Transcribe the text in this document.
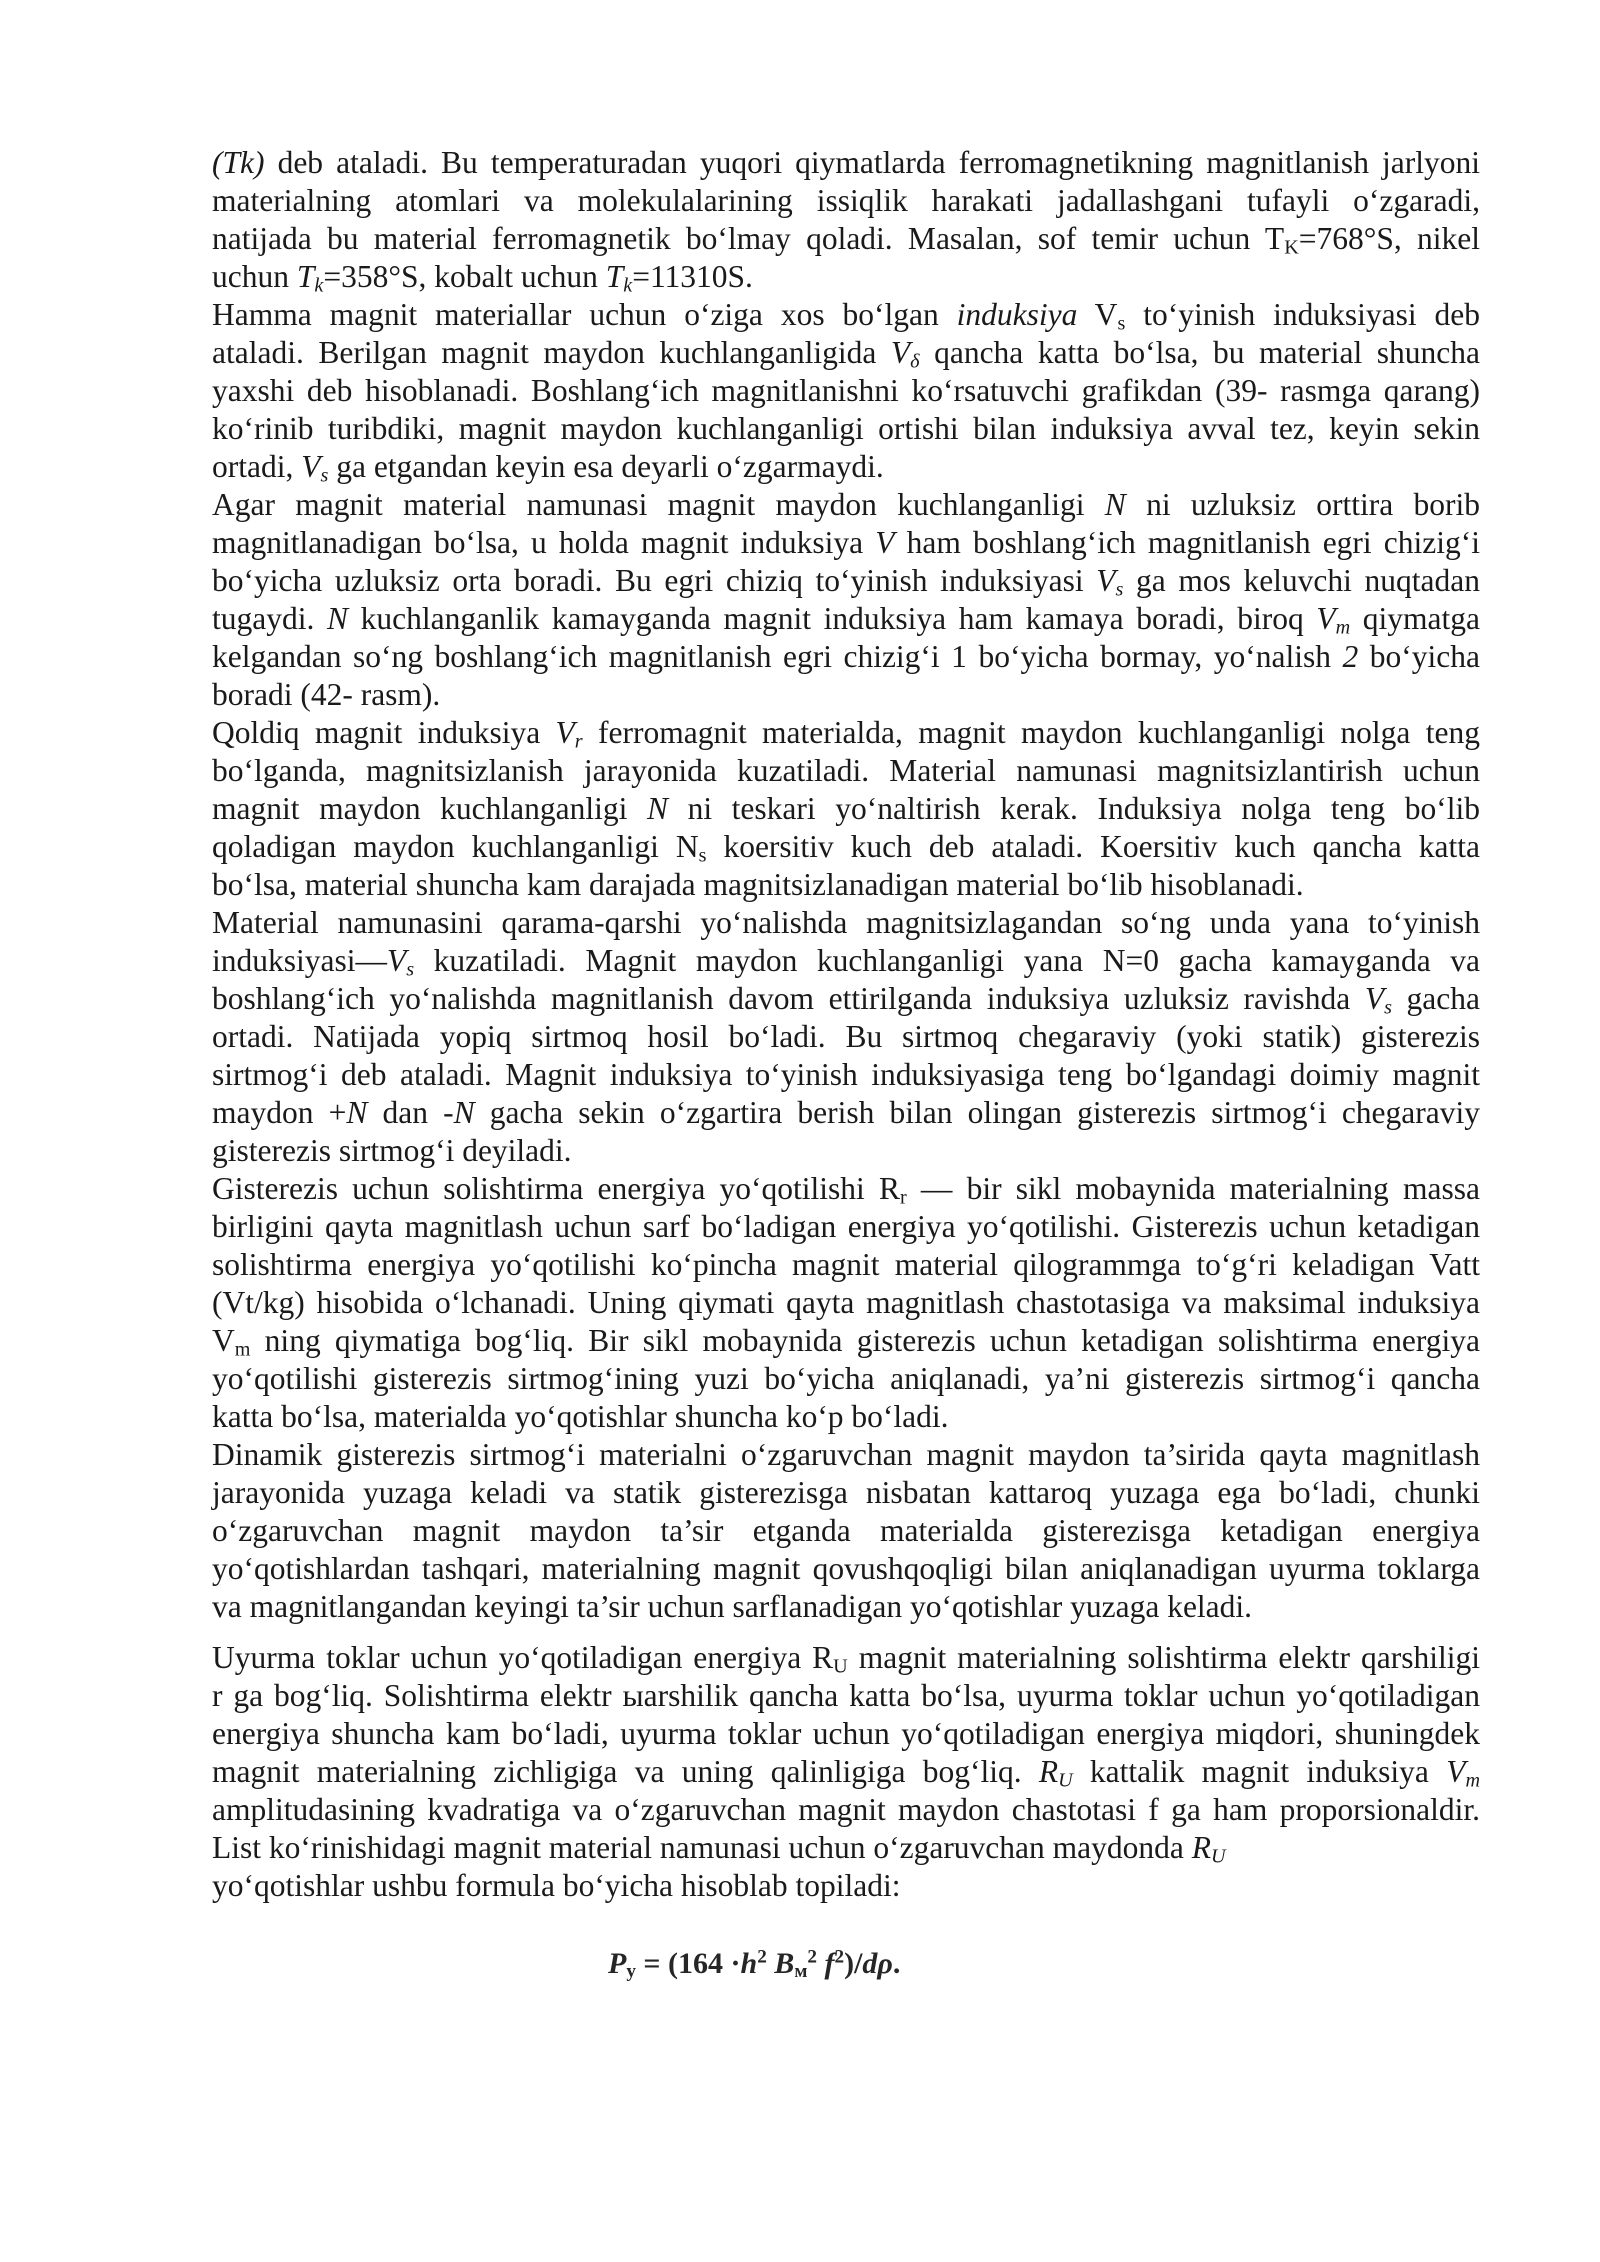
(Tk) deb ataladi. Bu temperaturadan yuqori qiymatlarda ferromagnetikning magnitlanish jarlyoni
materialning atomlari va molekulalarining issiqlik harakati jadallashgani tufayli o‘zgaradi,
natijada bu material ferromagnetik bo‘lmay qoladi. Masalan, sof temir uchun $T_K=768^\circ S$, nikel
uchun $T_k=358^\circ S$, kobalt uchun $T_k=11310S$.
Hamma magnit materiallar uchun o‘ziga xos bo‘lgan induksiya $V_s$ to‘yinish induksiyasi deb
ataladi. Berilgan magnit maydon kuchlanganligida $V_\delta$ qancha katta bo‘lsa, bu material shuncha
yaxshi deb hisoblanadi. Boshlang‘ich magnitlanishni ko‘rsatuvchi grafikdan (39- rasmga qarang)
ko‘rinib turibdiki, magnit maydon kuchlanganligi ortishi bilan induksiya avval tez, keyin sekin
ortadi, $V_s$ ga etgandan keyin esa deyarli o‘zgarmaydi.
Agar magnit material namunasi magnit maydon kuchlanganligi N ni uzluksiz orttira borib
magnitlanadigan bo‘lsa, u holda magnit induksiya V ham boshlang‘ich magnitlanish egri chizig‘i
bo‘yicha uzluksiz orta boradi. Bu egri chiziq to‘yinish induksiyasi $V_s$ ga mos keluvchi nuqtadan
tugaydi. N kuchlanganlik kamayganda magnit induksiya ham kamaya boradi, biroq $V_m$ qiymatga
kelgandan so‘ng boshlang‘ich magnitlanish egri chizig‘i 1 bo‘yicha bormay, yo‘nalish 2 bo‘yicha
boradi (42- rasm).
Qoldiq magnit induksiya $V_r$ ferromagnit materialda, magnit maydon kuchlanganligi nolga teng
bo‘lganda, magnitsizlanish jarayonida kuzatiladi. Material namunasi magnitsizlantirish uchun
magnit maydon kuchlanganligi N ni teskari yo‘naltirish kerak. Induksiya nolga teng bo‘lib
qoladigan maydon kuchlanganligi $N_s$ koersitiv kuch deb ataladi. Koersitiv kuch qancha katta
bo‘lsa, material shuncha kam darajada magnitsizlanadigan material bo‘lib hisoblanadi.
Material namunasini qarama-qarshi yo‘nalishda magnitsizlagandan so‘ng unda yana to‘yinish
$induksiyasi—V_s$ kuzatiladi. Magnit maydon kuchlanganligi yana N=0 gacha kamayganda va
boshlang‘ich yo‘nalishda magnitlanish davom ettirilganda induksiya uzluksiz ravishda $V_s$ gacha
ortadi. Natijada yopiq sirtmoq hosil bo‘ladi. Bu sirtmoq chegaraviy (yoki statik) gisterezis
sirtmog‘i deb ataladi. Magnit induksiya to‘yinish induksiyasiga teng bo‘lgandagi doimiy magnit
maydon +N dan -N gacha sekin o‘zgartira berish bilan olingan gisterezis sirtmog‘i chegaraviy
gisterezis sirtmog‘i deyiladi.
Gisterezis uchun solishtirma energiya yo‘qotilishi $R_r$ — bir sikl mobaynida materialning massa
birligini qayta magnitlash uchun sarf bo‘ladigan energiya yo‘qotilishi. Gisterezis uchun ketadigan
solishtirma energiya yo‘qotilishi ko‘pincha magnit material qilogrammga to‘g‘ri keladigan Vatt
(Vt/kg) hisobida o‘lchanadi. Uning qiymati qayta magnitlash chastotasiga va maksimal induksiya
$V_m$ ning qiymatiga bog‘liq. Bir sikl mobaynida gisterezis uchun ketadigan solishtirma energiya
yo‘qotilishi gisterezis sirtmog‘ining yuzi bo‘yicha aniqlanadi, ya’ni gisterezis sirtmog‘i qancha
katta bo‘lsa, materialda yo‘qotishlar shuncha ko‘p bo‘ladi.
Dinamik gisterezis sirtmog‘i materialni o‘zgaruvchan magnit maydon ta’sirida qayta magnitlash
jarayonida yuzaga keladi va statik gisterezisga nisbatan kattaroq yuzaga ega bo‘ladi, chunki
o‘zgaruvchan magnit maydon ta’sir etganda materialda gisterezisga ketadigan energiya
yo‘qotishlardan tashqari, materialning magnit qovushqoqligi bilan aniqlanadigan uyurma toklarga
va magnitlangandan keyingi ta’sir uchun sarflanadigan yo‘qotishlar yuzaga keladi.
Uyurma toklar uchun yo‘qotiladigan energiya $R_U$ magnit materialning solishtirma elektr qarshiligi
r ga bog‘liq. Solishtirma elektr ыarshilik qancha katta bo‘lsa, uyurma toklar uchun yo‘qotiladigan
energiya shuncha kam bo‘ladi, uyurma toklar uchun yo‘qotiladigan energiya miqdori, shuningdek
magnit materialning zichligiga va uning qalinligiga bog‘liq. $R_U$ kattalik magnit induksiya $V_m$
amplitudasining kvadratiga va o‘zgaruvchan magnit maydon chastotasi f ga ham proporsionaldir.
List ko‘rinishidagi magnit material namunasi uchun o‘zgaruvchan maydonda $R_U$
yo‘qotishlar ushbu formula bo‘yicha hisoblab topiladi:
$P_у = (164 \cdot h^2$ $B_м^2$ $f^2)/d\rho$.
